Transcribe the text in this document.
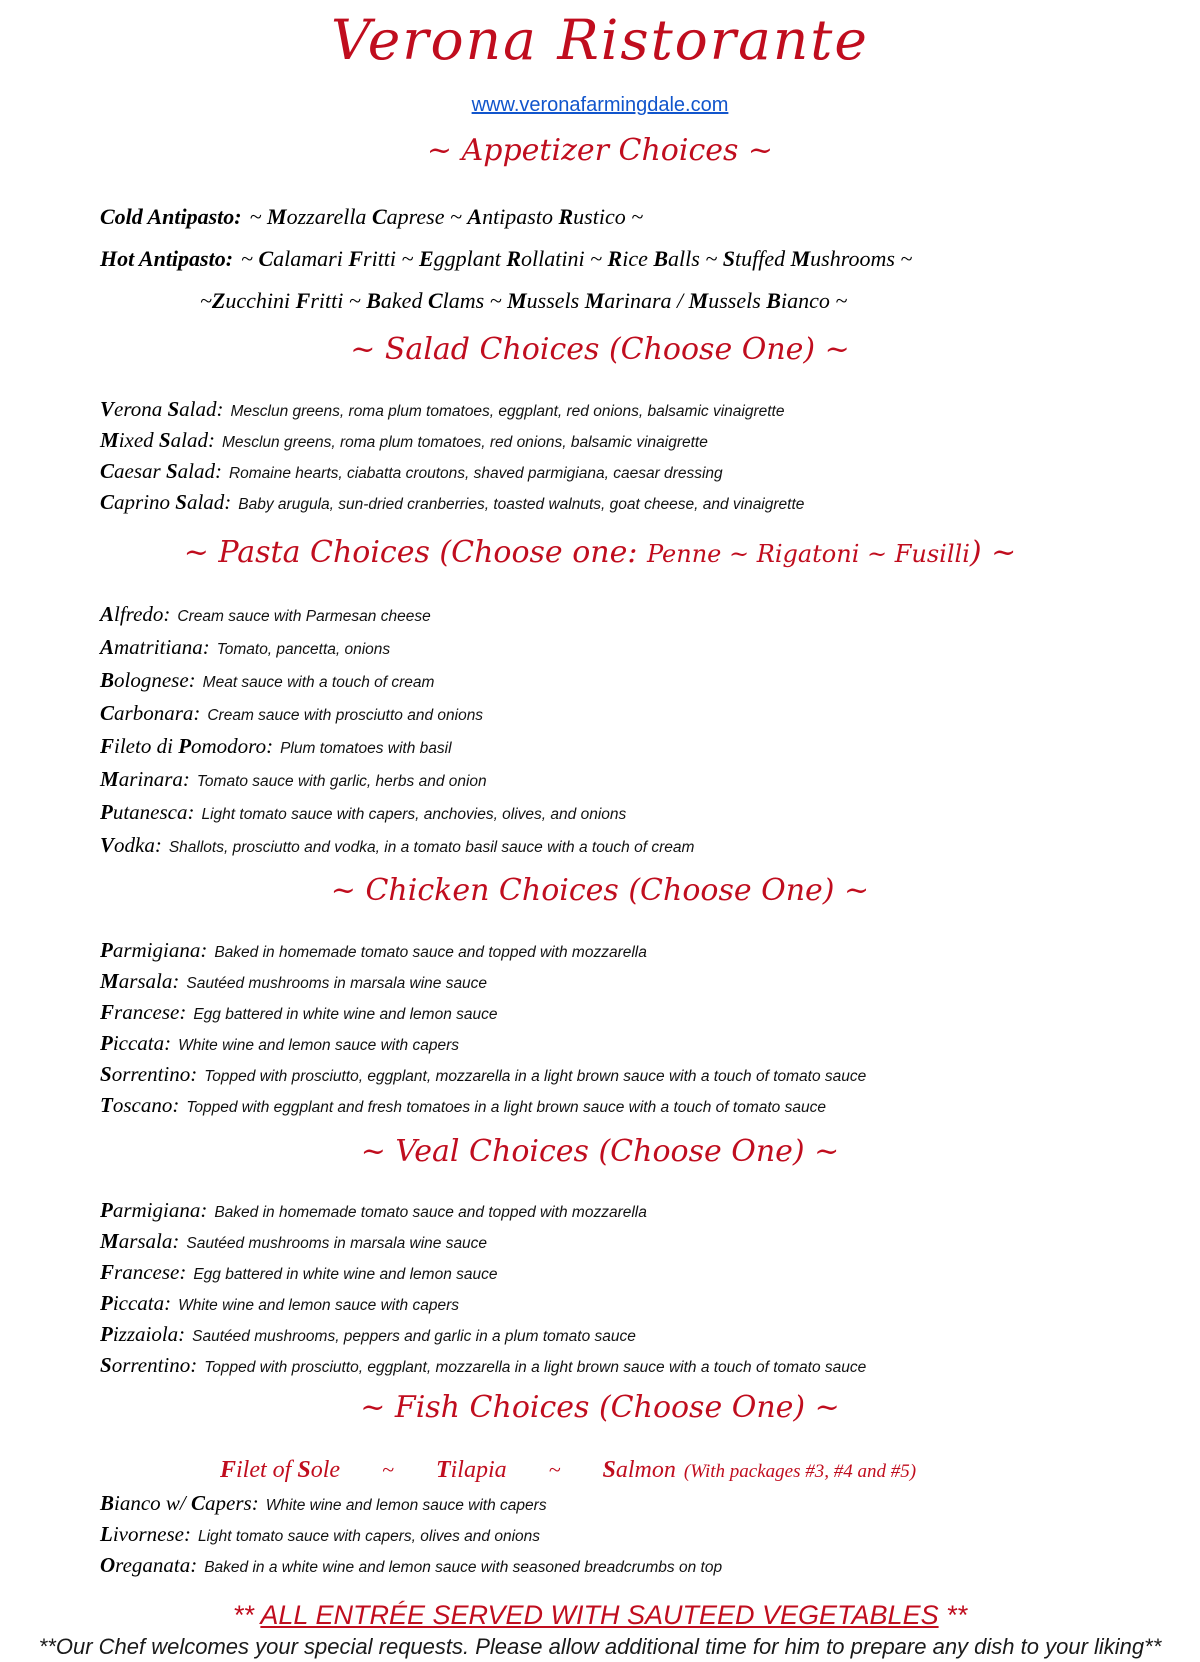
Verona Ristorante
www.veronafarmingdale.com
~ Appetizer Choices ~
Cold Antipasto: ~ Mozzarella Caprese ~ Antipasto Rustico ~
Hot Antipasto: ~ Calamari Fritti ~ Eggplant Rollatini ~ Rice Balls ~ Stuffed Mushrooms ~
~Zucchini Fritti ~ Baked Clams ~ Mussels Marinara / Mussels Bianco ~
~ Salad Choices (Choose One) ~
Verona Salad: Mesclun greens, roma plum tomatoes, eggplant, red onions, balsamic vinaigrette
Mixed Salad: Mesclun greens, roma plum tomatoes, red onions, balsamic vinaigrette
Caesar Salad: Romaine hearts, ciabatta croutons, shaved parmigiana, caesar dressing
Caprino Salad: Baby arugula, sun-dried cranberries, toasted walnuts, goat cheese, and vinaigrette
~ Pasta Choices (Choose one: Penne ~ Rigatoni ~ Fusilli) ~
Alfredo: Cream sauce with Parmesan cheese
Amatritiana: Tomato, pancetta, onions
Bolognese: Meat sauce with a touch of cream
Carbonara: Cream sauce with prosciutto and onions
Fileto di Pomodoro: Plum tomatoes with basil
Marinara: Tomato sauce with garlic, herbs and onion
Putanesca: Light tomato sauce with capers, anchovies, olives, and onions
Vodka: Shallots, prosciutto and vodka, in a tomato basil sauce with a touch of cream
~ Chicken Choices (Choose One) ~
Parmigiana: Baked in homemade tomato sauce and topped with mozzarella
Marsala: Sautéed mushrooms in marsala wine sauce
Francese: Egg battered in white wine and lemon sauce
Piccata: White wine and lemon sauce with capers
Sorrentino: Topped with prosciutto, eggplant, mozzarella in a light brown sauce with a touch of tomato sauce
Toscano: Topped with eggplant and fresh tomatoes in a light brown sauce with a touch of tomato sauce
~ Veal Choices (Choose One) ~
Parmigiana: Baked in homemade tomato sauce and topped with mozzarella
Marsala: Sautéed mushrooms in marsala wine sauce
Francese: Egg battered in white wine and lemon sauce
Piccata: White wine and lemon sauce with capers
Pizzaiola: Sautéed mushrooms, peppers and garlic in a plum tomato sauce
Sorrentino: Topped with prosciutto, eggplant, mozzarella in a light brown sauce with a touch of tomato sauce
~ Fish Choices (Choose One) ~
Filet of Sole ~ Tilapia ~ Salmon (With packages #3, #4 and #5)
Bianco w/ Capers: White wine and lemon sauce with capers
Livornese: Light tomato sauce with capers, olives and onions
Oreganata: Baked in a white wine and lemon sauce with seasoned breadcrumbs on top
** ALL ENTRÉE SERVED WITH SAUTEED VEGETABLES **
**Our Chef welcomes your special requests. Please allow additional time for him to prepare any dish to your liking**
